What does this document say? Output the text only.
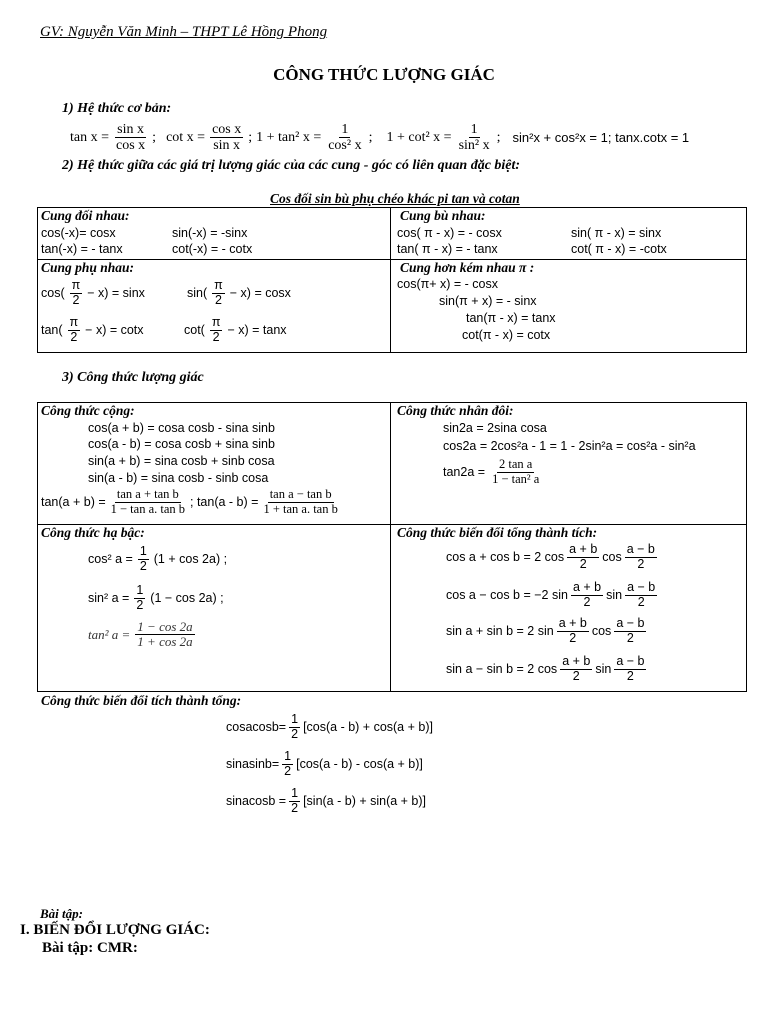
GV: Nguyễn Văn Minh – THPT Lê Hồng Phong
CÔNG THỨC LƯỢNG GIÁC
1) Hệ thức cơ bản:
$\tan x = \frac{\text{sin x}}{\text{cos x}}$ ; $\cot x = \frac{\text{cos x}}{\text{sin x}}$ ; 1 + tan² $x = \frac{1}{\text{cos² x}}$ ; 1 + cot² $x = \frac{1}{\text{sin² x}}$ ; sin²x + cos²x = 1; tanx.cotx = 1
2) Hệ thức giữa các giá trị lượng giác của các cung - góc có liên quan đặc biệt:
Cos đối sin bù phụ chéo khác pi tan và cotan
Cung đối nhau:
cos(-x)= cosx	sin(-x) = -sinx
tan(-x) = - tanx	cot(-x) = - cotx
Cung bù nhau:
cos( π - x) = - cosx	sin( π - x) = sinx
tan( π - x) = - tanx	cot( π - x) = -cotx
Cung phụ nhau:
$\cos( \frac{\pi}{2} - x) = \sin x$	$\sin( \frac{\pi}{2} - x) = \cos x$
$\tan( \frac{\pi}{2} - x) = \cot x$	$\cot( \frac{\pi}{2} - x) = \tan x$
Cung hơn kém nhau π :
cos(π+ x) = - cosx
sin(π + x) = - sinx
tan(π - x) = tanx
cot(π - x) = cotx
3) Công thức lượng giác
Công thức cộng:
cos(a + b) = cosa cosb - sina sinb
cos(a - b) = cosa cosb + sina sinb
sin(a + b) = sina cosb + sinb cosa
sin(a - b) = sina cosb - sinb cosa
$\tan(a + b) = \frac{\text{tan a + tan b}}{\text{1 − tan a. tan b}}$ ; $\tan(a - b) = \frac{\text{tan a − tan b}}{\text{1 + tan a. tan b}}$
Công thức nhân đôi:
sin2a = 2sina cosa
cos2a = 2cos²a - 1 = 1 - 2sin²a = cos²a - sin²a
$\tan 2a = \frac{\text{2 tan a}}{\text{1 − tan² a}}$
Công thức hạ bậc:
cos² $a = \frac{1}{2} (1 + \cos 2a)$ ;
sin² $a = \frac{1}{2} (1 - \cos 2a)$ ;
tan² $a = \frac{1 - \cos 2a}{1 + \cos 2a}$
Công thức biến đổi tổng thành tích:
cos a + cos b = 2 $\cos \frac{a + b}{2}$ $\cos \frac{a - b}{2}$
cos a − cos b = −2 $\sin \frac{a + b}{2}$ $\sin \frac{a - b}{2}$
sin a + sin b = 2 $\sin \frac{a + b}{2}$ $\cos \frac{a - b}{2}$
sin a − sin b = 2 $\cos \frac{a + b}{2}$ $\sin \frac{a - b}{2}$
Công thức biến đổi tích thành tổng:
cosacosb= $\frac{1}{2} [\cos(a - b) + \cos(a + b)]$
sinasinb= $\frac{1}{2} [\cos(a - b) - \cos(a + b)]$
sinacosb = $\frac{1}{2} [\sin(a - b) + \sin(a + b)]$
Bài tập:
I. BIẾN ĐỔI LƯỢNG GIÁC:
Bài tập: CMR:
